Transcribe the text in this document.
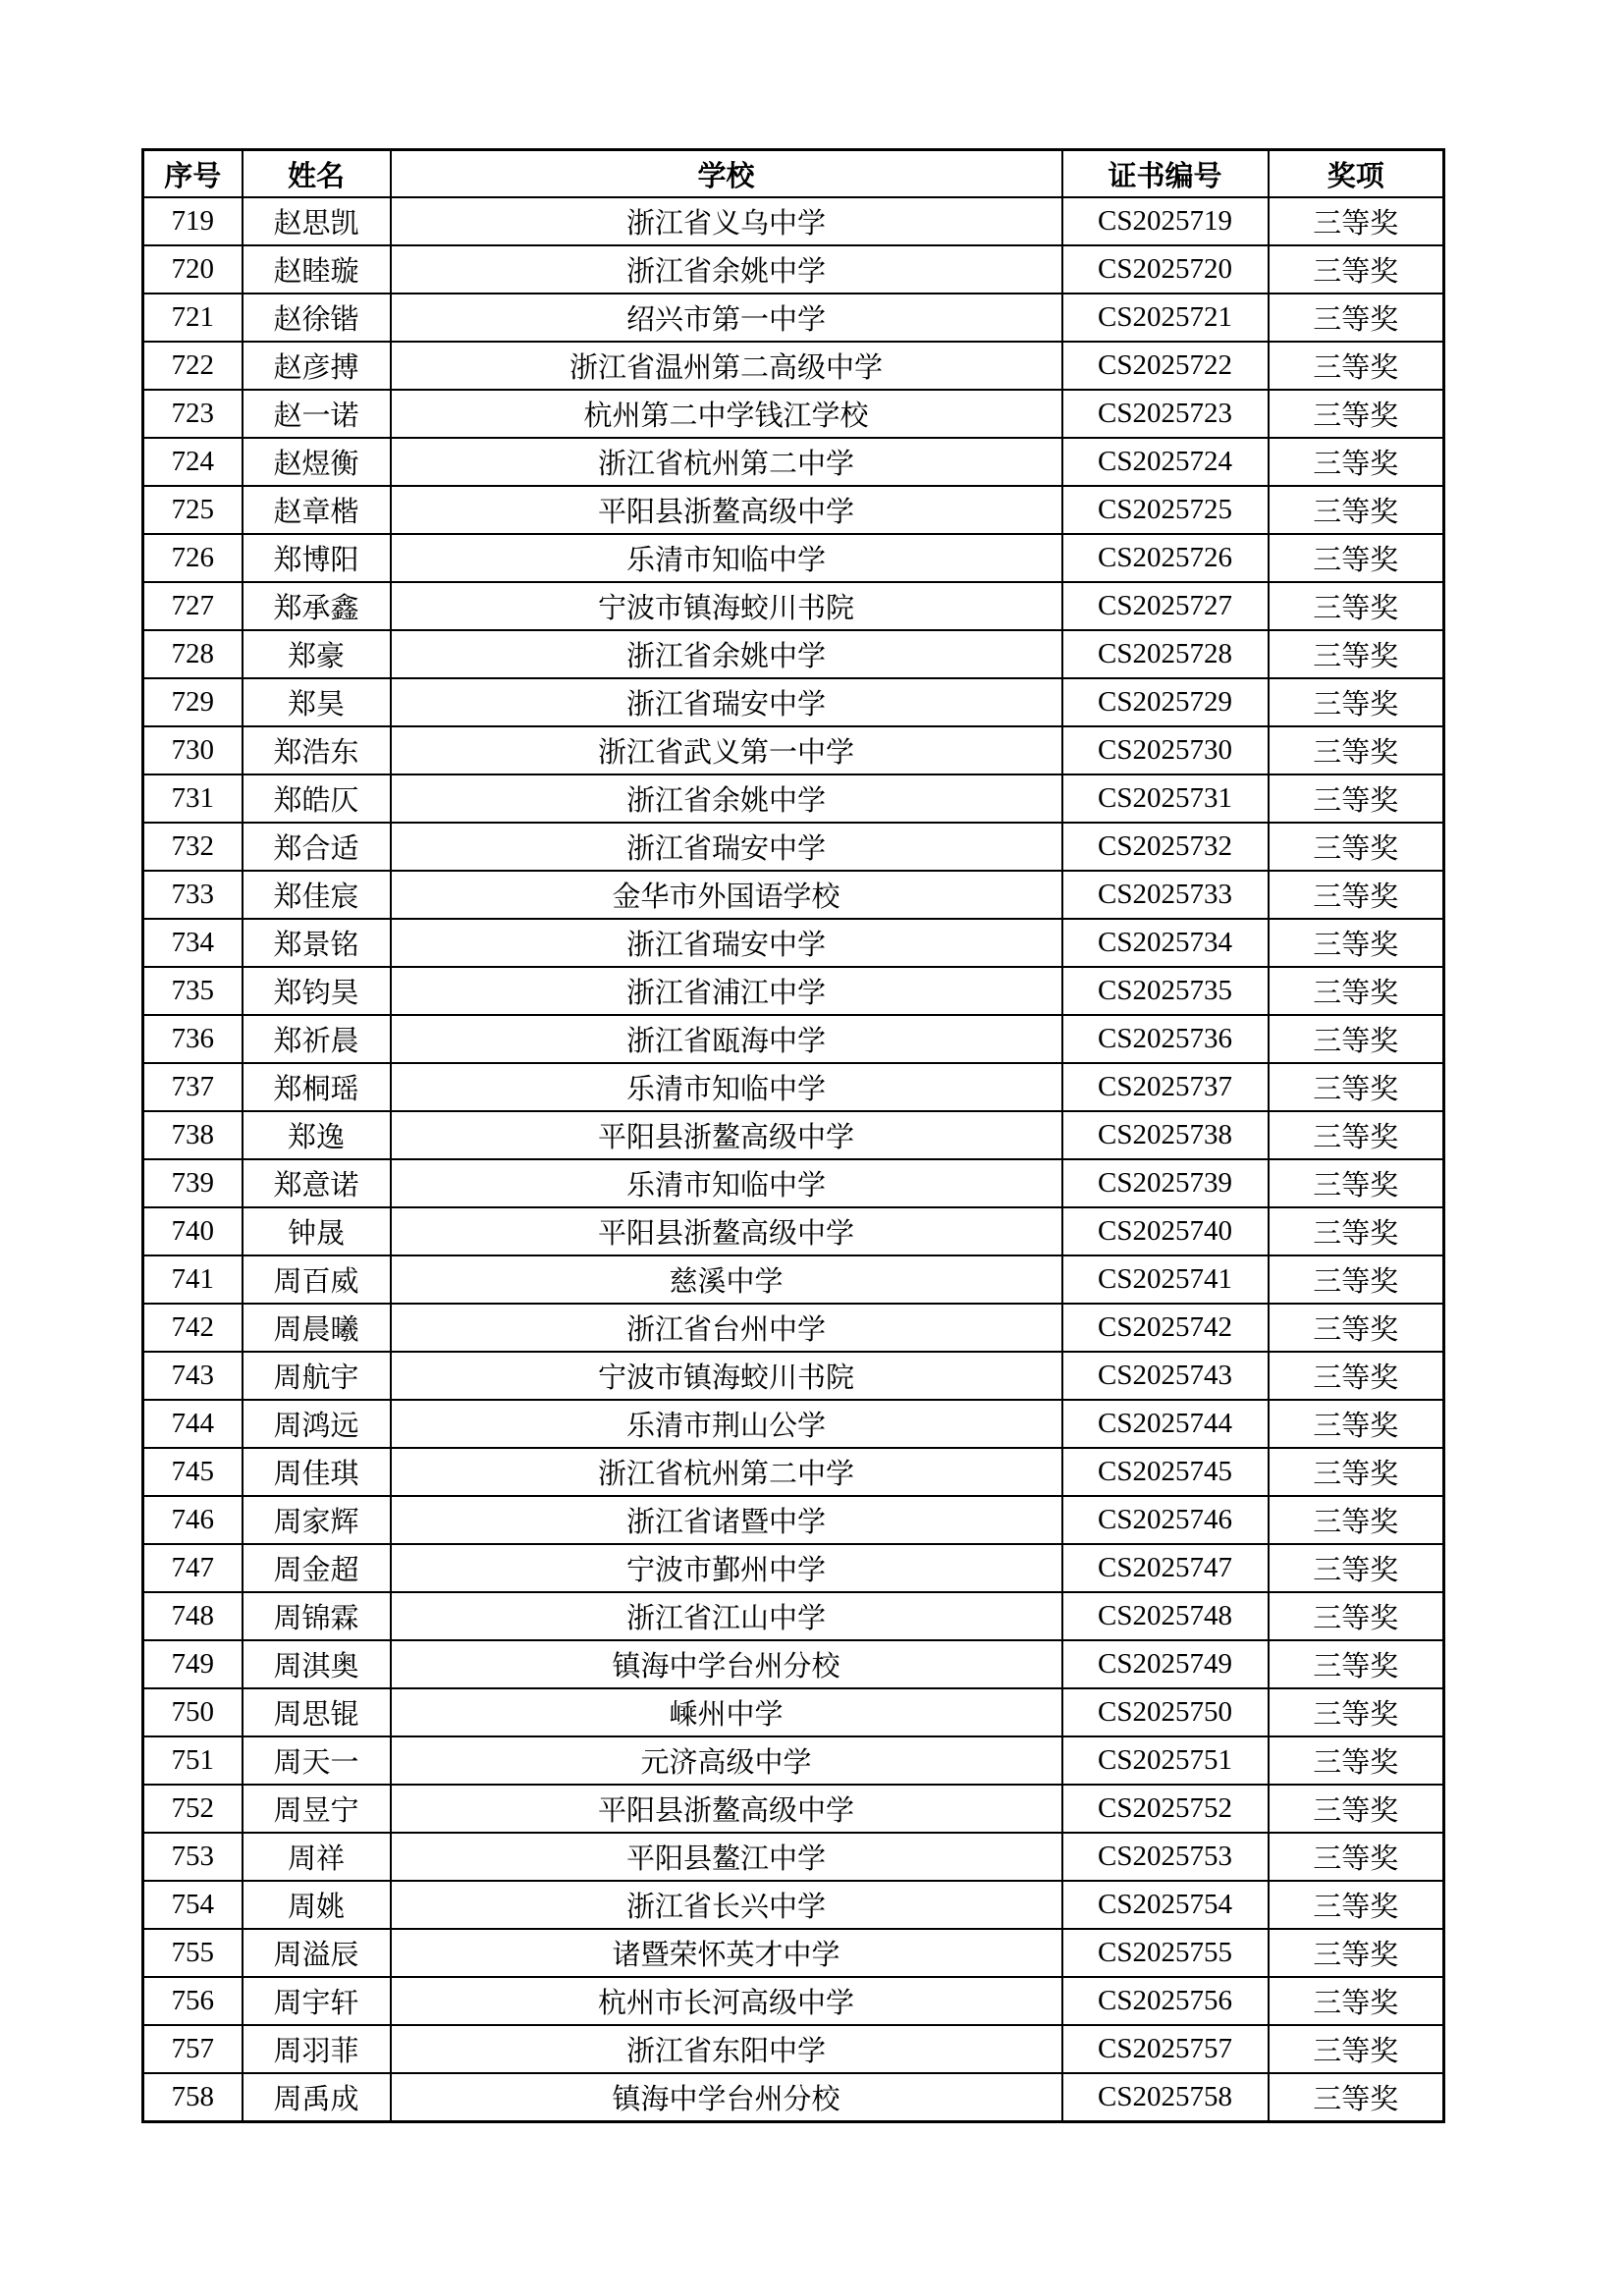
序号	姓名	学校	证书编号	奖项
719	赵思凯	浙江省义乌中学	CS2025719	三等奖
720	赵睦璇	浙江省余姚中学	CS2025720	三等奖
721	赵徐锴	绍兴市第一中学	CS2025721	三等奖
722	赵彦搏	浙江省温州第二高级中学	CS2025722	三等奖
723	赵一诺	杭州第二中学钱江学校	CS2025723	三等奖
724	赵煜衡	浙江省杭州第二中学	CS2025724	三等奖
725	赵章楷	平阳县浙鳌高级中学	CS2025725	三等奖
726	郑博阳	乐清市知临中学	CS2025726	三等奖
727	郑承鑫	宁波市镇海蛟川书院	CS2025727	三等奖
728	郑豪	浙江省余姚中学	CS2025728	三等奖
729	郑昊	浙江省瑞安中学	CS2025729	三等奖
730	郑浩东	浙江省武义第一中学	CS2025730	三等奖
731	郑皓仄	浙江省余姚中学	CS2025731	三等奖
732	郑合适	浙江省瑞安中学	CS2025732	三等奖
733	郑佳宸	金华市外国语学校	CS2025733	三等奖
734	郑景铭	浙江省瑞安中学	CS2025734	三等奖
735	郑钧昊	浙江省浦江中学	CS2025735	三等奖
736	郑祈晨	浙江省瓯海中学	CS2025736	三等奖
737	郑桐瑶	乐清市知临中学	CS2025737	三等奖
738	郑逸	平阳县浙鳌高级中学	CS2025738	三等奖
739	郑意诺	乐清市知临中学	CS2025739	三等奖
740	钟晟	平阳县浙鳌高级中学	CS2025740	三等奖
741	周百威	慈溪中学	CS2025741	三等奖
742	周晨曦	浙江省台州中学	CS2025742	三等奖
743	周航宇	宁波市镇海蛟川书院	CS2025743	三等奖
744	周鸿远	乐清市荆山公学	CS2025744	三等奖
745	周佳琪	浙江省杭州第二中学	CS2025745	三等奖
746	周家辉	浙江省诸暨中学	CS2025746	三等奖
747	周金超	宁波市鄞州中学	CS2025747	三等奖
748	周锦霖	浙江省江山中学	CS2025748	三等奖
749	周淇奥	镇海中学台州分校	CS2025749	三等奖
750	周思锟	嵊州中学	CS2025750	三等奖
751	周天一	元济高级中学	CS2025751	三等奖
752	周昱宁	平阳县浙鳌高级中学	CS2025752	三等奖
753	周祥	平阳县鳌江中学	CS2025753	三等奖
754	周姚	浙江省长兴中学	CS2025754	三等奖
755	周溢辰	诸暨荣怀英才中学	CS2025755	三等奖
756	周宇轩	杭州市长河高级中学	CS2025756	三等奖
757	周羽菲	浙江省东阳中学	CS2025757	三等奖
758	周禹成	镇海中学台州分校	CS2025758	三等奖
